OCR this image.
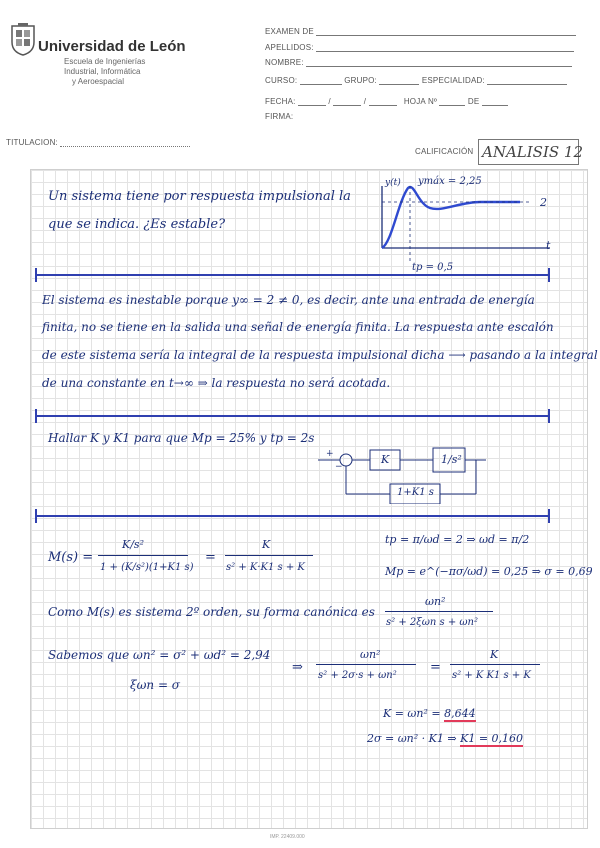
Universidad de León
Escuela de Ingenierías
Industrial, Informática
y Aeroespacial
EXAMEN DE
APELLIDOS:
NOMBRE:
CURSO:	GRUPO:	ESPECIALIDAD:
FECHA:	/	/	HOJA Nº	DE
FIRMA:
TITULACION:
CALIFICACIÓN ANALISIS 12
Un sistema tiene por respuesta impulsional la
que se indica. ¿Es estable?
y(t) ymáx = 2,25
2
tp = 0,5
t
El sistema es inestable porque y∞ = 2 ≠ 0, es decir, ante una entrada de energía
finita, no se tiene en la salida una señal de energía finita. La respuesta ante escalón
de este sistema sería la integral de la respuesta impulsional dicha ⟶ pasando a la integral
de una constante en t→∞ ⇒ la respuesta no será acotada.
Hallar K y K1 para que Mp = 25% y tp = 2s
+
−
K	1/s²
1+K1 s
M(s) =
K/s²
1 + (K/s²)(1+K1 s)
=
K
s² + K·K1 s + K
tp = π/ωd = 2 ⇒ ωd = π/2
Mp = e^(−πσ/ωd) = 0,25 ⇒ σ = 0,69
Como M(s) es sistema 2º orden, su forma canónica es
ωn²
s² + 2ξωn s + ωn²
Sabemos que ωn² = σ² + ωd² = 2,94
ξωn = σ
⇒
ωn²
s² + 2σ·s + ωn²
=
K
s² + K K1 s + K
K = ωn² = 8,644
2σ = ωn² · K1 ⇒ K1 = 0,160
IMP. 22409.000
